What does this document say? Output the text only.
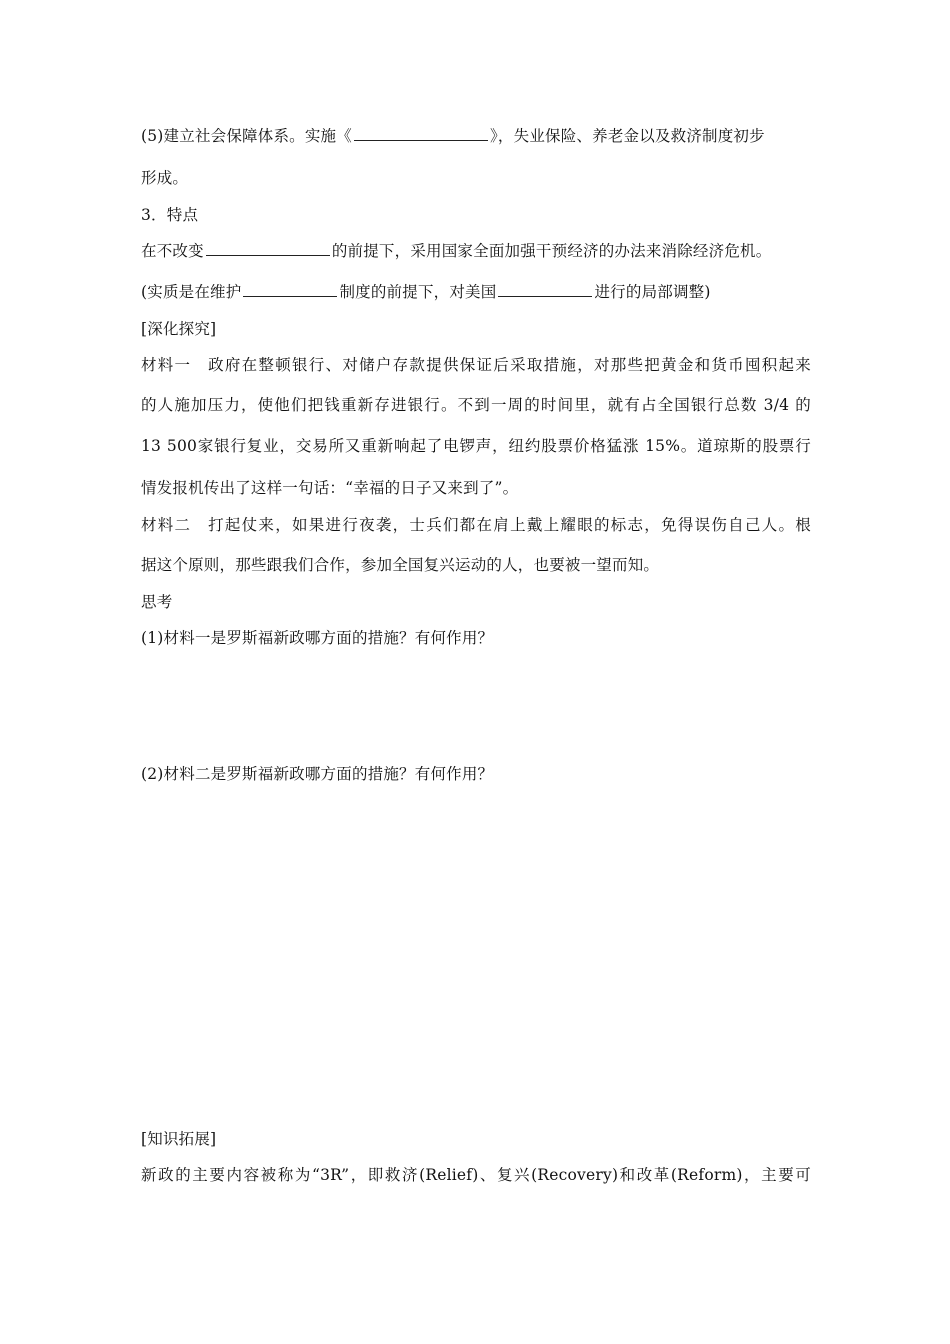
(5)建立社会保障体系。实施《	》，失业保险、养老金以及救济制度初步
形成。
3．特点
在不改变	的前提下，采用国家全面加强干预经济的办法来消除经济危机。
(实质是在维护	制度的前提下，对美国	进行的局部调整)
[深化探究]
材料一　政府在整顿银行、对储户存款提供保证后采取措施，对那些把黄金和货币囤积起来
的人施加压力，使他们把钱重新存进银行。不到一周的时间里，就有占全国银行总数 3/4 的
13 500家银行复业，交易所又重新响起了电锣声，纽约股票价格猛涨 15%。道琼斯的股票行
情发报机传出了这样一句话：“幸福的日子又来到了”。
材料二　打起仗来，如果进行夜袭，士兵们都在肩上戴上耀眼的标志，免得误伤自己人。根
据这个原则，那些跟我们合作，参加全国复兴运动的人，也要被一望而知。
思考
(1)材料一是罗斯福新政哪方面的措施？有何作用？
(2)材料二是罗斯福新政哪方面的措施？有何作用？
[知识拓展]
新政的主要内容被称为“3R”，即救济(Relief)、复兴(Recovery)和改革(Reform)，主要可
